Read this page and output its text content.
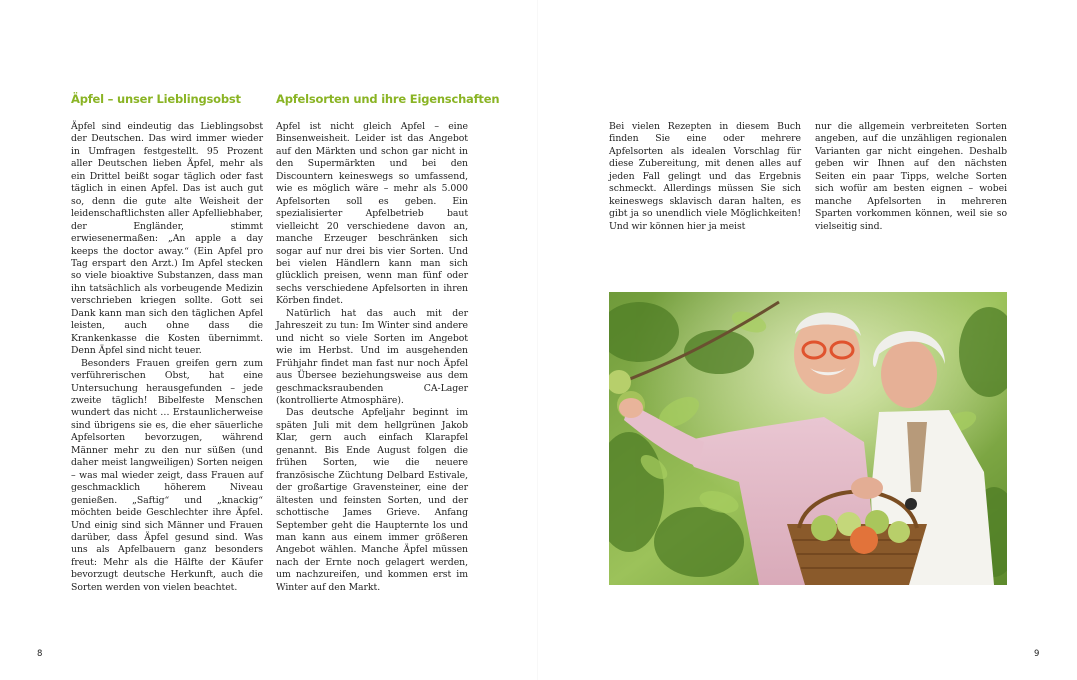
Äpfel – unser Lieblingsobst

Äpfel sind eindeutig das Lieblingsobst der Deutschen. Das wird immer wieder in Umfragen festgestellt. 95 Prozent aller Deutschen lieben Äpfel, mehr als ein Drittel beißt sogar täglich oder fast täglich in einen Apfel. Das ist auch gut so, denn die gute alte Weisheit der leidenschaftlichsten aller Apfelliebhaber, der Engländer, stimmt erwiesenermaßen: „An apple a day keeps the doctor away.“ (Ein Apfel pro Tag erspart den Arzt.) Im Apfel stecken so viele bioaktive Substanzen, dass man ihn tatsächlich als vorbeugende Medizin verschrieben kriegen sollte. Gott sei Dank kann man sich den täglichen Apfel leisten, auch ohne dass die Krankenkasse die Kosten übernimmt. Denn Äpfel sind nicht teuer.

Besonders Frauen greifen gern zum verführerischen Obst, hat eine Untersuchung herausgefunden – jede zweite täglich! Bibelfeste Menschen wundert das nicht … Erstaunlicherweise sind übrigens sie es, die eher säuerliche Apfelsorten bevorzugen, während Männer mehr zu den nur süßen (und daher meist langweiligen) Sorten neigen – was mal wieder zeigt, dass Frauen auf geschmacklich höherem Niveau genießen. „Saftig“ und „knackig“ möchten beide Geschlechter ihre Äpfel. Und einig sind sich Männer und Frauen darüber, dass Äpfel gesund sind. Was uns als Apfelbauern ganz besonders freut: Mehr als die Hälfte der Käufer bevorzugt deutsche Herkunft, auch die Sorten werden von vielen beachtet.

Apfelsorten und ihre Eigenschaften

Apfel ist nicht gleich Apfel – eine Binsenweisheit. Leider ist das Angebot auf den Märkten und schon gar nicht in den Supermärkten und bei den Discountern keineswegs so umfassend, wie es möglich wäre – mehr als 5.000 Apfelsorten soll es geben. Ein spezialisierter Apfelbetrieb baut vielleicht 20 verschiedene davon an, manche Erzeuger beschränken sich sogar auf nur drei bis vier Sorten. Und bei vielen Händlern kann man sich glücklich preisen, wenn man fünf oder sechs verschiedene Apfelsorten in ihren Körben findet.

Natürlich hat das auch mit der Jahreszeit zu tun: Im Winter sind andere und nicht so viele Sorten im Angebot wie im Herbst. Und im ausgehenden Frühjahr findet man fast nur noch Äpfel aus Übersee beziehungsweise aus dem geschmacksraubenden CA-Lager (kontrollierte Atmosphäre).

Das deutsche Apfeljahr beginnt im späten Juli mit dem hellgrünen Jakob Klar, gern auch einfach Klarapfel genannt. Bis Ende August folgen die frühen Sorten, wie die neuere französische Züchtung Delbard Estivale, der großartige Gravensteiner, eine der ältesten und feinsten Sorten, und der schottische James Grieve. Anfang September geht die Haupternte los und man kann aus einem immer größeren Angebot wählen. Manche Äpfel müssen nach der Ernte noch gelagert werden, um nachzureifen, und kommen erst im Winter auf den Markt.

8

Bei vielen Rezepten in diesem Buch finden Sie eine oder mehrere Apfelsorten als idealen Vorschlag für diese Zubereitung, mit denen alles auf jeden Fall gelingt und das Ergebnis schmeckt. Allerdings müssen Sie sich keineswegs sklavisch daran halten, es gibt ja so unendlich viele Möglichkeiten! Und wir können hier ja meist

nur die allgemein verbreiteten Sorten angeben, auf die unzähligen regionalen Varianten gar nicht eingehen. Deshalb geben wir Ihnen auf den nächsten Seiten ein paar Tipps, welche Sorten sich wofür am besten eignen – wobei manche Apfelsorten in mehreren Sparten vorkommen können, weil sie so vielseitig sind.

9
